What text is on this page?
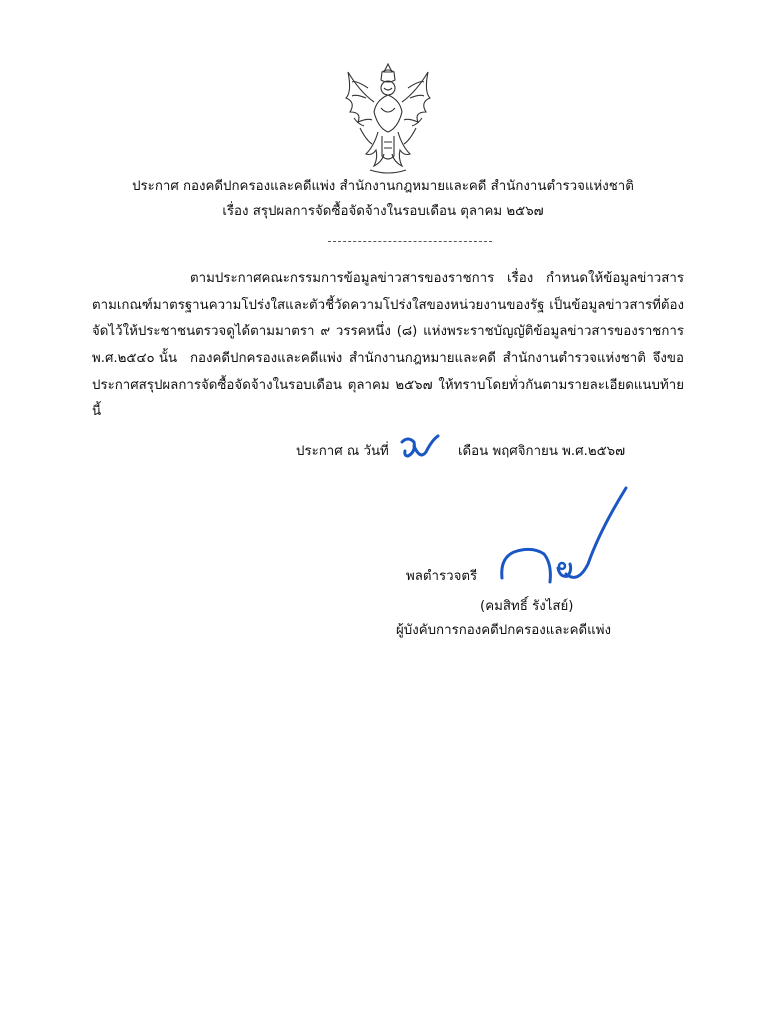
ประกาศ กองคดีปกครองและคดีแพ่ง สำนักงานกฎหมายและคดี สำนักงานตำรวจแห่งชาติ
เรื่อง สรุปผลการจัดซื้อจัดจ้างในรอบเดือน ตุลาคม ๒๕๖๗
ตามประกาศคณะกรรมการข้อมูลข่าวสารของราชการ เรื่อง กำหนดให้ข้อมูลข่าวสารตามเกณฑ์มาตรฐานความโปร่งใสและตัวชี้วัดความโปร่งใสของหน่วยงานของรัฐ เป็นข้อมูลข่าวสารที่ต้องจัดไว้ให้ประชาชนตรวจดูได้ตามมาตรา ๙ วรรคหนึ่ง (๘) แห่งพระราชบัญญัติข้อมูลข่าวสารของราชการ พ.ศ.๒๕๔๐ นั้น กองคดีปกครองและคดีแพ่ง สำนักงานกฎหมายและคดี สำนักงานตำรวจแห่งชาติ จึงขอประกาศสรุปผลการจัดซื้อจัดจ้างในรอบเดือน ตุลาคม ๒๕๖๗ ให้ทราบโดยทั่วกันตามรายละเอียดแนบท้ายนี้
ประกาศ ณ วันที่	เดือน พฤศจิกายน พ.ศ.๒๕๖๗
พลตำรวจตรี
(คมสิทธิ์ รังไสย์)
ผู้บังคับการกองคดีปกครองและคดีแพ่ง
